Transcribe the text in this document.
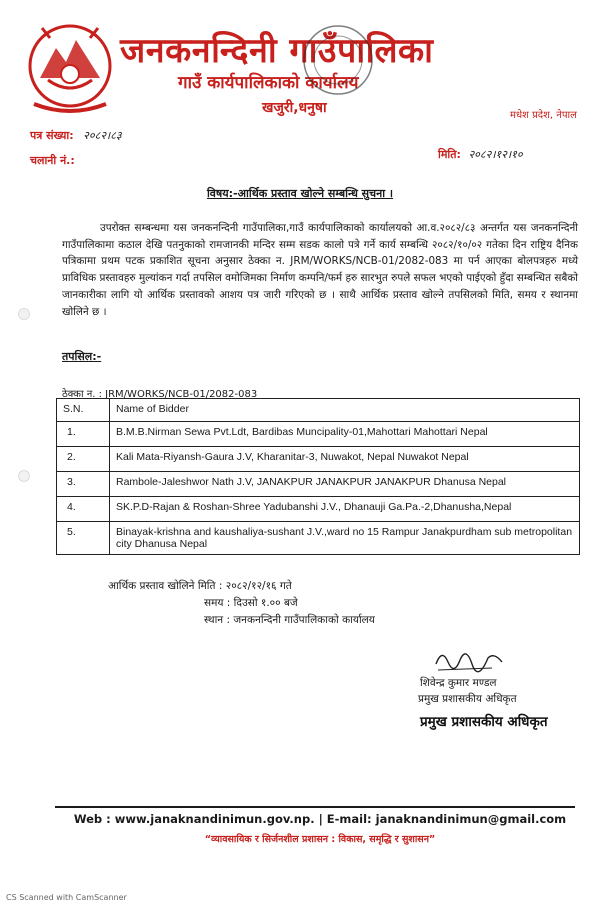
जनकनन्दिनी गाउँपालिका
गाउँ कार्यपालिकाको कार्यालय
खजुरी,धनुषा	मधेश प्रदेश, नेपाल
पत्र संख्या: २०८२।८३
चलानी नं.:	मिति: २०८२।१२।१०
विषय:-आर्थिक प्रस्ताव खोल्ने सम्बन्धि सुचना ।

उपरोक्त सम्बन्धमा यस जनकनन्दिनी गाउँपालिका,गाउँ कार्यपालिकाको कार्यालयको आ.व.२०८२/८३ अन्तर्गत यस जनकनन्दिनी गाउँपालिकामा कठाल देखि पतनुकाको रामजानकी मन्दिर सम्म सडक कालो पत्रे गर्ने कार्य सम्बन्धि २०८२/१०/०२ गतेका दिन राष्ट्रिय दैनिक पत्रिकामा प्रथम पटक प्रकाशित सूचना अनुसार ठेक्का न. JRM/WORKS/NCB-01/2082-083 मा पर्न आएका बोलपत्रहरु मध्ये प्राविधिक प्रस्तावहरु मुल्यांकन गर्दा तपसिल वमोजिमका निर्माण कम्पनि/फर्म हरु सारभुत रुपले सफल भएको पाईएको हुँदा सम्बन्धित सबैको जानकारीका लागि यो आर्थिक प्रस्तावको आशय पत्र जारी गरिएको छ । साथै आर्थिक प्रस्ताव खोल्ने तपसिलको मिति, समय र स्थानमा खोलिने छ ।

तपसिल:-
ठेक्का न. : JRM/WORKS/NCB-01/2082-083
S.N.	Name of Bidder
1.	B.M.B.Nirman Sewa Pvt.Ldt, Bardibas Muncipality-01,Mahottari Mahottari Nepal
2.	Kali Mata-Riyansh-Gaura J.V, Kharanitar-3, Nuwakot, Nepal Nuwakot Nepal
3.	Rambole-Jaleshwor Nath J.V, JANAKPUR JANAKPUR JANAKPUR Dhanusa Nepal
4.	SK.P.D-Rajan & Roshan-Shree Yadubanshi J.V., Dhanauji Ga.Pa.-2,Dhanusha,Nepal
5.	Binayak-krishna and kaushaliya-sushant J.V.,ward no 15 Rampur Janakpurdham sub metropolitan city Dhanusa Nepal
आर्थिक प्रस्ताव खोलिने मिति : २०८२/१२/१६ गते
समय : दिउसो १.०० बजे
स्थान : जनकनन्दिनी गाउँपालिकाको कार्यालय
शिवेन्द्र कुमार मण्डल
प्रमुख प्रशासकीय अधिकृत
प्रमुख प्रशासकीय अधिकृत
Web : www.janaknandinimun.gov.np. | E-mail: janaknandinimun@gmail.com
“व्यावसायिक र सिर्जनशील प्रशासन : विकास, समृद्धि र सुशासन”
CS Scanned with CamScanner
